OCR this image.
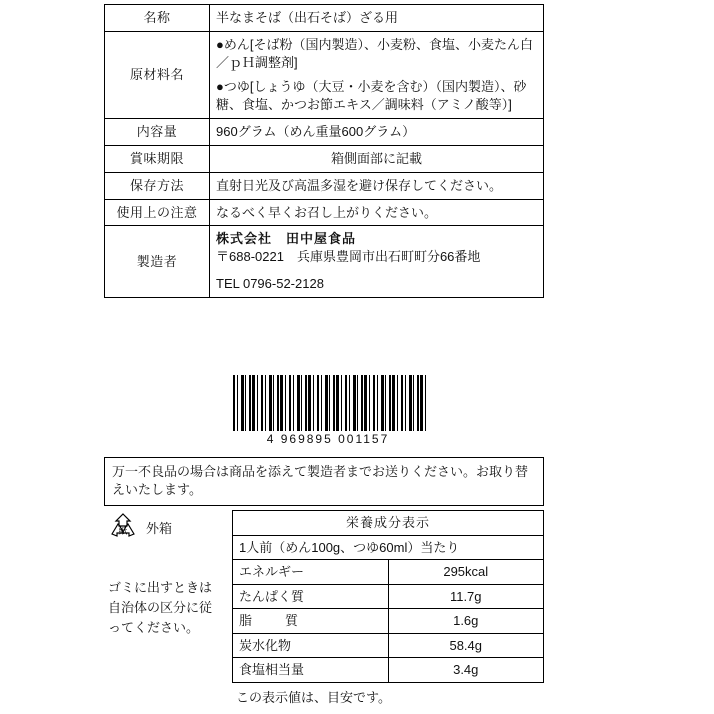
名称	半なまそば（出石そば）ざる用
原材料名	●めん[そば粉（国内製造）、小麦粉、食塩、小麦たん白／ｐＨ調整剤]

●つゆ[しょうゆ（大豆・小麦を含む）（国内製造）、砂糖、食塩、かつお節エキス／調味料（アミノ酸等）]

内容量	960グラム（めん重量600グラム）
賞味期限	箱側面部に記載
保存方法	直射日光及び高温多湿を避け保存してください。
使用上の注意	なるべく早くお召し上がりください。
製造者	株式会社　田中屋食品

〒688-0221　兵庫県豊岡市出石町町分66番地

TEL 0796-52-2128

4 969895 001157
万一不良品の場合は商品を添えて製造者までお送りください。お取り替えいたします。
紙 外箱
ゴミに出すときは自治体の区分に従ってください。
栄養成分表示	
1人前（めん100g、つゆ60ml）当たり	
エネルギー	295kcal
たんぱく質	11.7g
脂　質	1.6g
炭水化物	58.4g
食塩相当量	3.4g
この表示値は、目安です。
